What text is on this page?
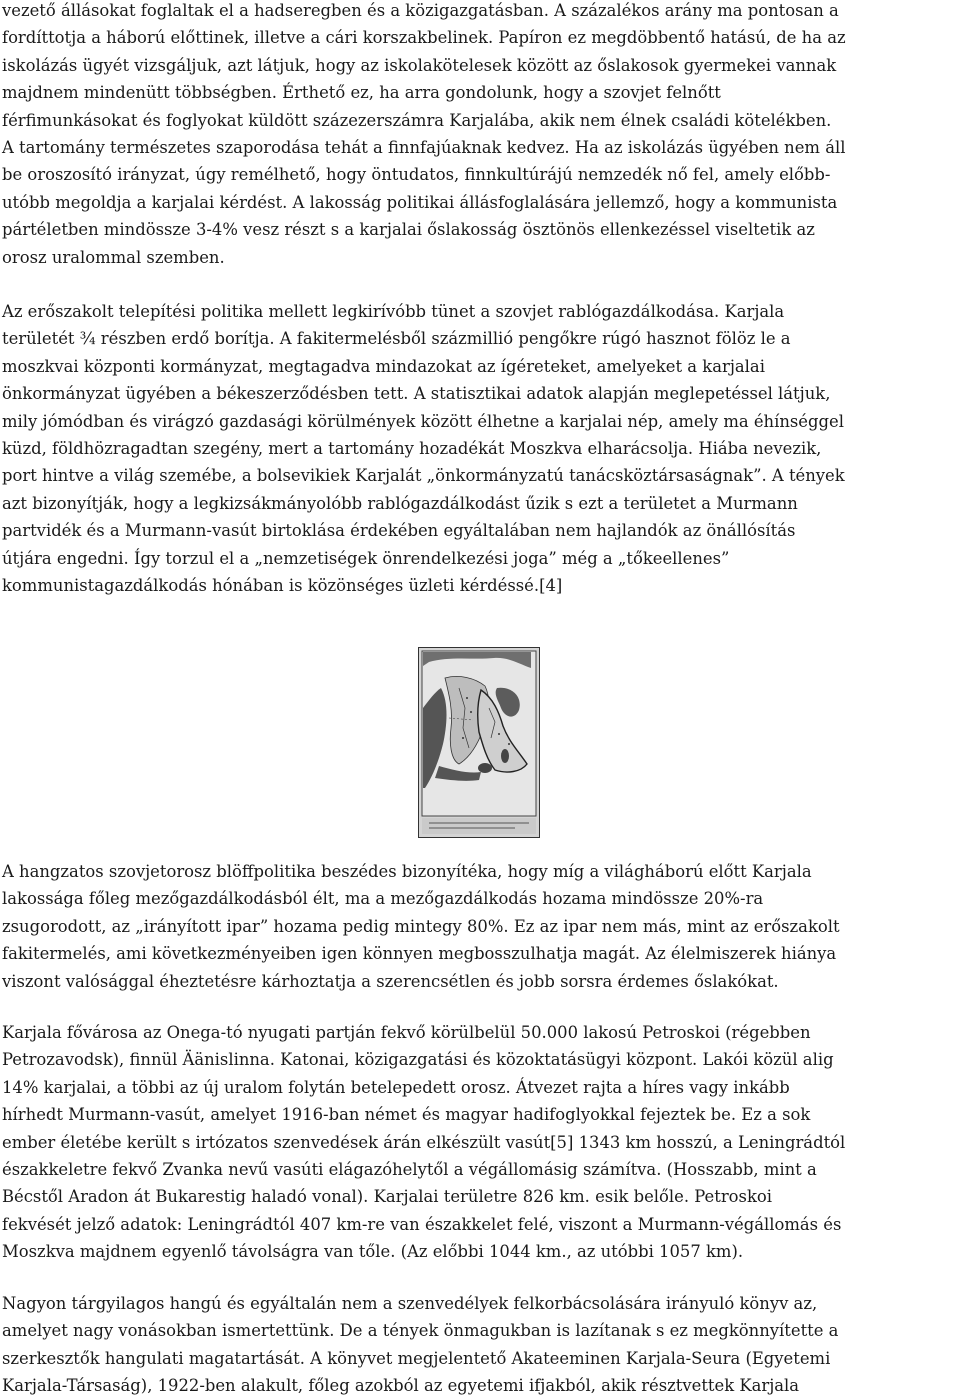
vezető állásokat foglaltak el a hadseregben és a közigazgatásban. A százalékos arány ma pontosan a
fordíttotja a háború előttinek, illetve a cári korszakbelinek. Papíron ez megdöbbentő hatású, de ha az
iskolázás ügyét vizsgáljuk, azt látjuk, hogy az iskolakötelesek között az őslakosok gyermekei vannak
majdnem mindenütt többségben. Érthető ez, ha arra gondolunk, hogy a szovjet felnőtt
férfimunkásokat és foglyokat küldött százezerszámra Karjalába, akik nem élnek családi kötelékben.
A tartomány természetes szaporodása tehát a finnfajúaknak kedvez. Ha az iskolázás ügyében nem áll
be oroszosító irányzat, úgy remélhető, hogy öntudatos, finnkultúrájú nemzedék nő fel, amely előbb-
utóbb megoldja a karjalai kérdést. A lakosság politikai állásfoglalására jellemző, hogy a kommunista
pártéletben mindössze 3-4% vesz részt s a karjalai őslakosság ösztönös ellenkezéssel viseltetik az
orosz uralommal szemben.

Az erőszakolt telepítési politika mellett legkirívóbb tünet a szovjet rablógazdálkodása. Karjala
területét ¾ részben erdő borítja. A fakitermelésből százmillió pengőkre rúgó hasznot fölöz le a
moszkvai központi kormányzat, megtagadva mindazokat az ígéreteket, amelyeket a karjalai
önkormányzat ügyében a békeszerződésben tett. A statisztikai adatok alapján meglepetéssel látjuk,
mily jómódban és virágzó gazdasági körülmények között élhetne a karjalai nép, amely ma éhínséggel
küzd, földhözragadtan szegény, mert a tartomány hozadékát Moszkva elharácsolja. Hiába nevezik,
port hintve a világ szemébe, a bolsevikiek Karjalát „önkormányzatú tanácsköztársaságnak”. A tények
azt bizonyítják, hogy a legkizsákmányolóbb rablógazdálkodást űzik s ezt a területet a Murmann
partvidék és a Murmann-vasút birtoklása érdekében egyáltalában nem hajlandók az önállósítás
útjára engedni. Így torzul el a „nemzetiségek önrendelkezési joga” még a „tőkeellenes”
kommunistagazdálkodás hónában is közönséges üzleti kérdéssé.[4]

A hangzatos szovjetorosz blöffpolitika beszédes bizonyítéka, hogy míg a világháború előtt Karjala
lakossága főleg mezőgazdálkodásból élt, ma a mezőgazdálkodás hozama mindössze 20%-ra
zsugorodott, az „irányított ipar” hozama pedig mintegy 80%. Ez az ipar nem más, mint az erőszakolt
fakitermelés, ami következményeiben igen könnyen megbosszulhatja magát. Az élelmiszerek hiánya
viszont valósággal éheztetésre kárhoztatja a szerencsétlen és jobb sorsra érdemes őslakókat.

Karjala fővárosa az Onega-tó nyugati partján fekvő körülbelül 50.000 lakosú Petroskoi (régebben
Petrozavodsk), finnül Äänislinna. Katonai, közigazgatási és közoktatásügyi központ. Lakói közül alig
14% karjalai, a többi az új uralom folytán betelepedett orosz. Átvezet rajta a híres vagy inkább
hírhedt Murmann-vasút, amelyet 1916-ban német és magyar hadifoglyokkal fejeztek be. Ez a sok
ember életébe került s irtózatos szenvedések árán elkészült vasút[5] 1343 km hosszú, a Leningrádtól
északkeletre fekvő Zvanka nevű vasúti elágazóhelytől a végállomásig számítva. (Hosszabb, mint a
Bécstől Aradon át Bukarestig haladó vonal). Karjalai területre 826 km. esik belőle. Petroskoi
fekvését jelző adatok: Leningrádtól 407 km-re van északkelet felé, viszont a Murmann-végállomás és
Moszkva majdnem egyenlő távolságra van tőle. (Az előbbi 1044 km., az utóbbi 1057 km).

Nagyon tárgyilagos hangú és egyáltalán nem a szenvedélyek felkorbácsolására irányuló könyv az,
amelyet nagy vonásokban ismertettünk. De a tények önmagukban is lazítanak s ez megkönnyítette a
szerkesztők hangulati magatartását. A könyvet megjelentető Akateeminen Karjala-Seura (Egyetemi
Karjala-Társaság), 1922-ben alakult, főleg azokból az egyetemi ifjakból, akik résztvettek Karjala
